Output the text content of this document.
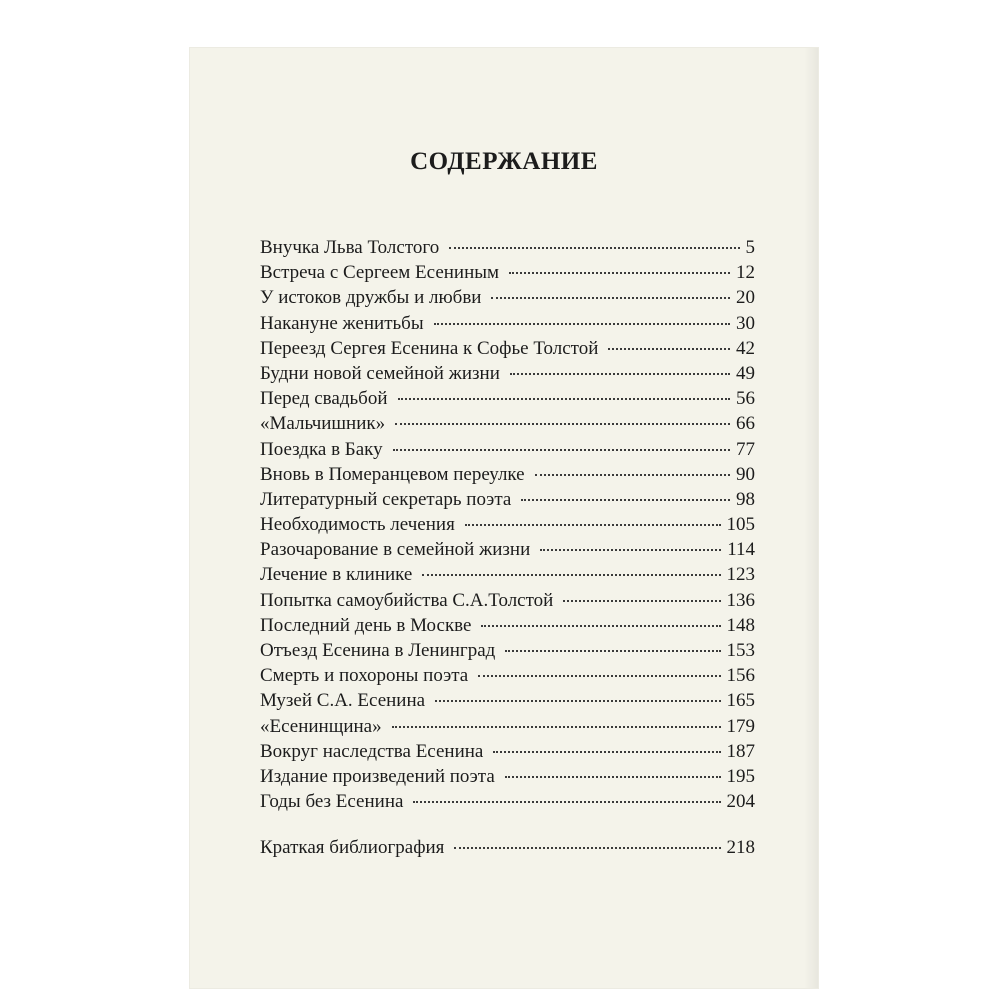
СОДЕРЖАНИЕ
Внучка Льва Толстого	5
Встреча с Сергеем Есениным	12
У истоков дружбы и любви	20
Накануне женитьбы	30
Переезд Сергея Есенина к Софье Толстой	42
Будни новой семейной жизни	49
Перед свадьбой	56
«Мальчишник»	66
Поездка в Баку	77
Вновь в Померанцевом переулке	90
Литературный секретарь поэта	98
Необходимость лечения	105
Разочарование в семейной жизни	114
Лечение в клинике	123
Попытка самоубийства С.А.Толстой	136
Последний день в Москве	148
Отъезд Есенина в Ленинград	153
Смерть и похороны поэта	156
Музей С.А. Есенина	165
«Есенинщина»	179
Вокруг наследства Есенина	187
Издание произведений поэта	195
Годы без Есенина	204
Краткая библиография	218
